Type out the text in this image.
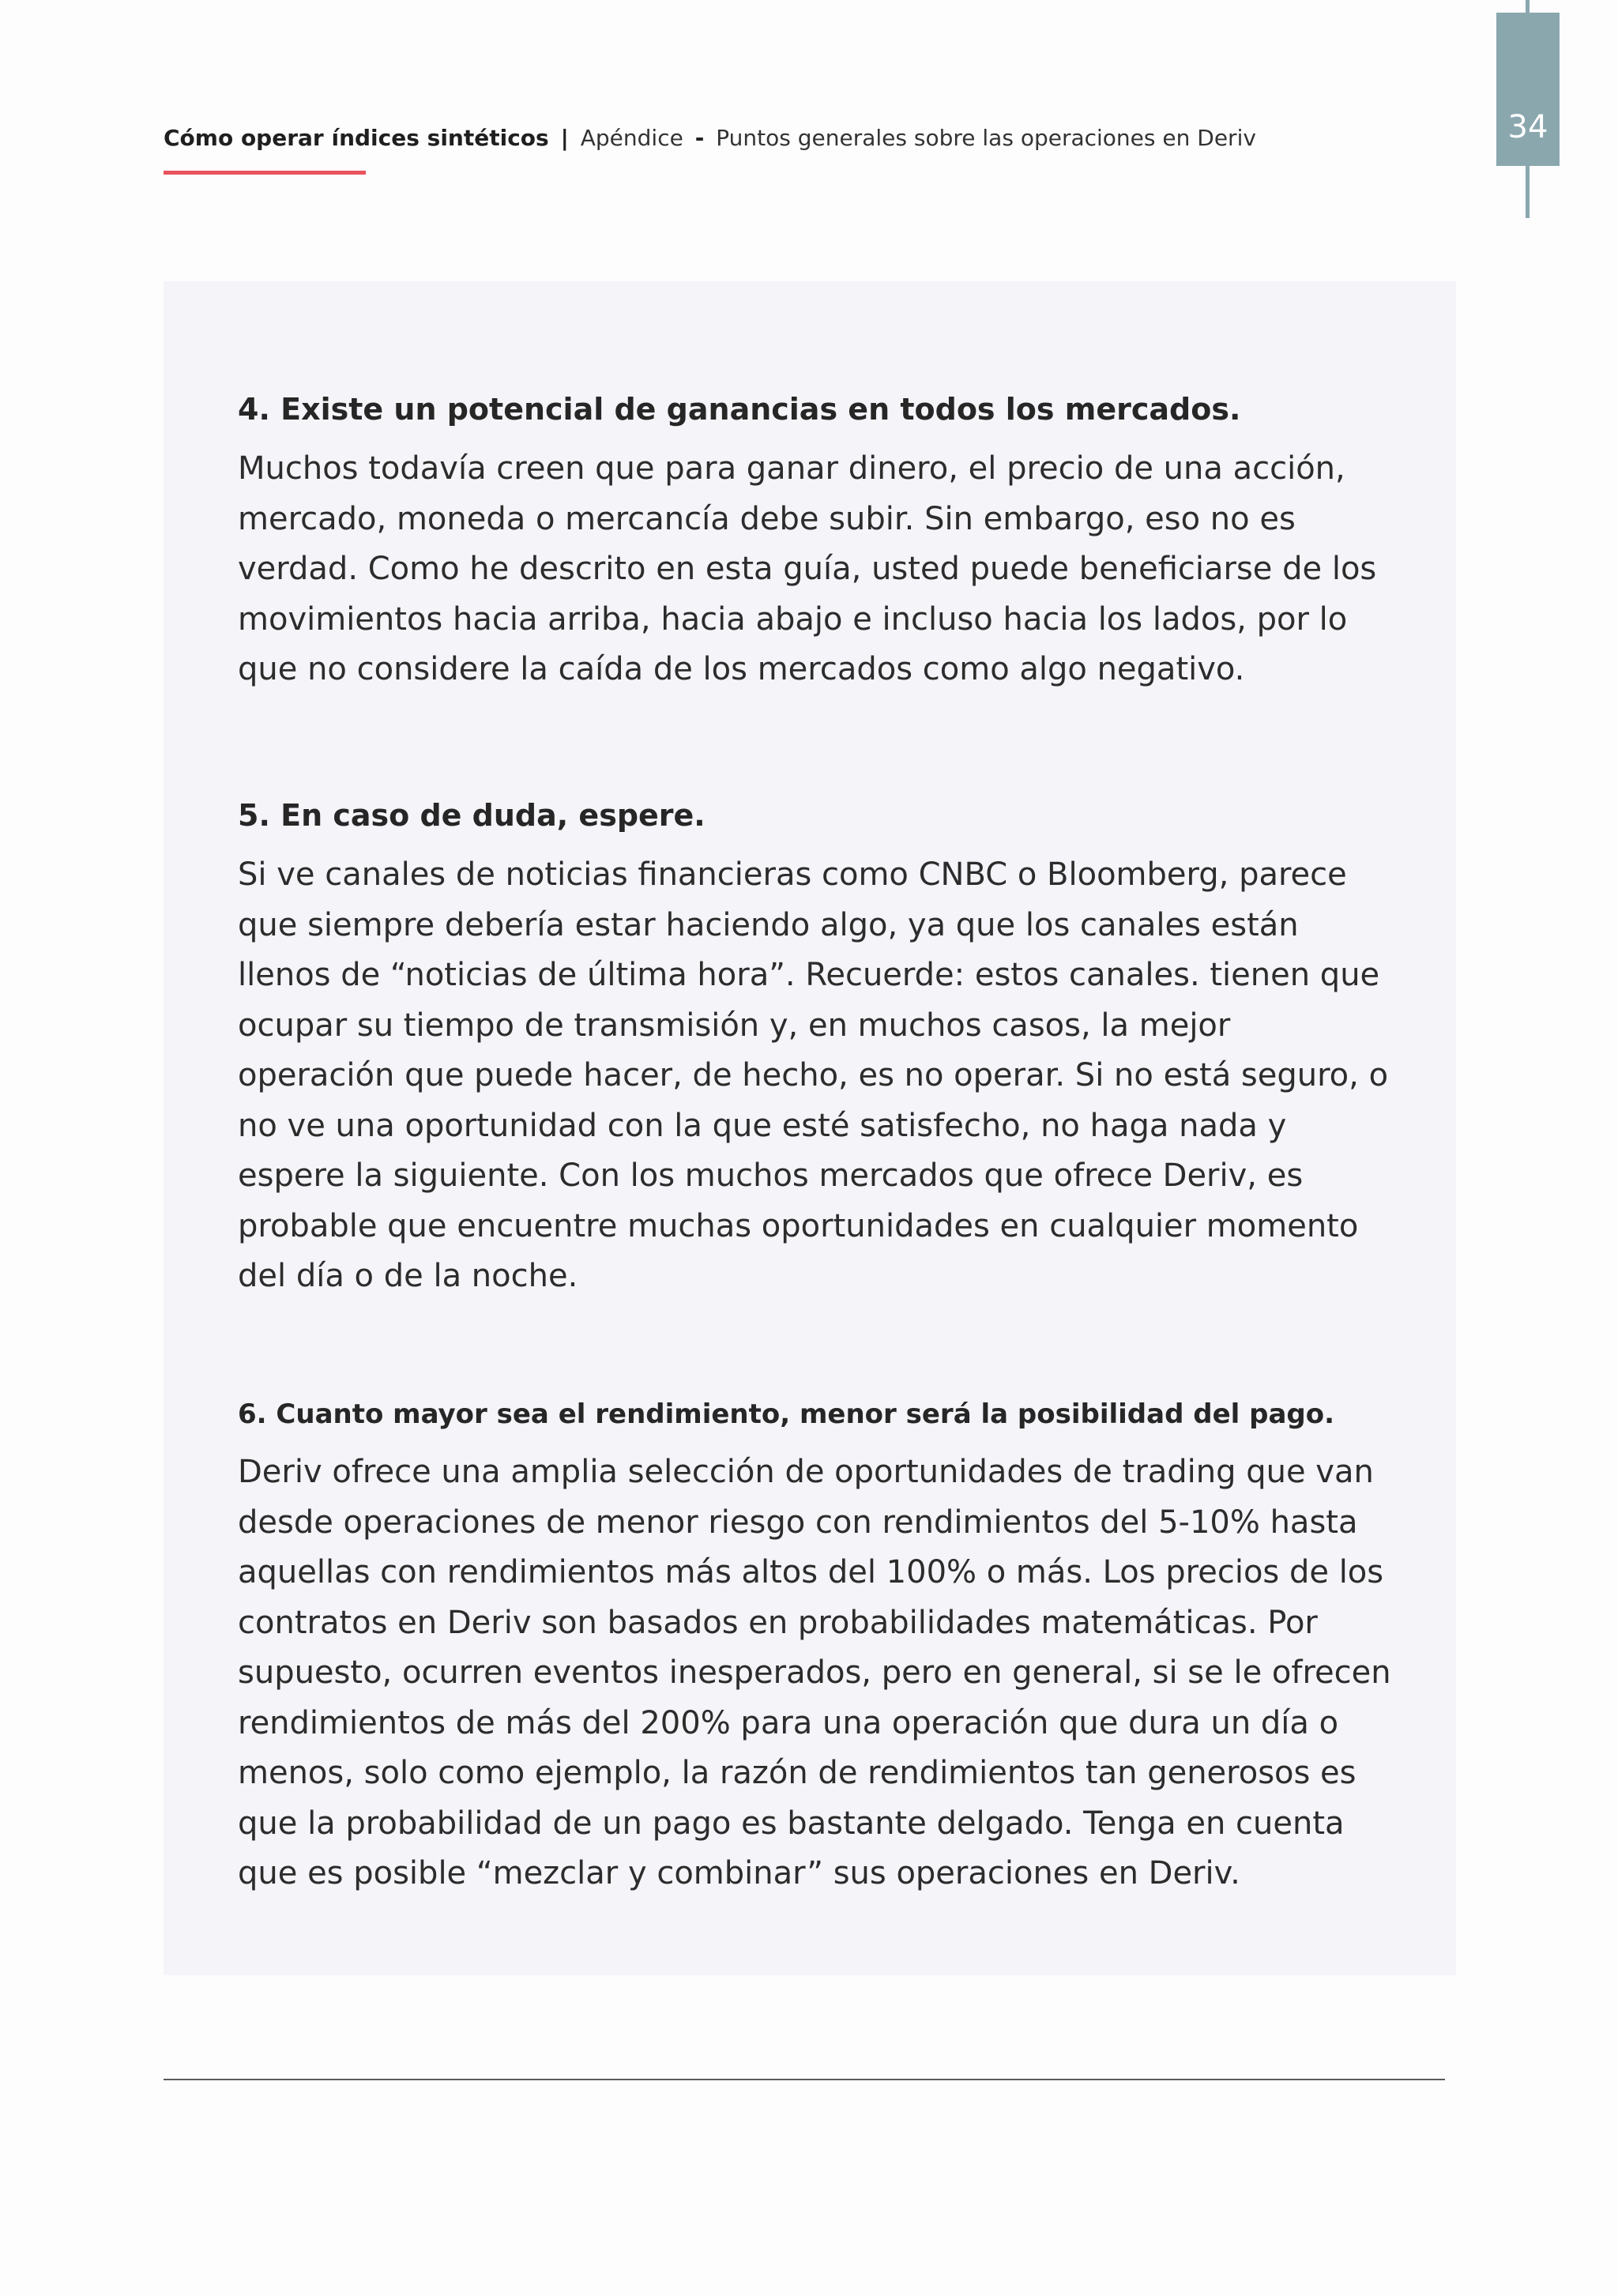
Cómo operar índices sintéticos | Apéndice - Puntos generales sobre las operaciones en Deriv	34
4. Existe un potencial de ganancias en todos los mercados.

Muchos todavía creen que para ganar dinero, el precio de una acción, mercado, moneda o mercancía debe subir. Sin embargo, eso no es verdad. Como he descrito en esta guía, usted puede beneficiarse de los movimientos hacia arriba, hacia abajo e incluso hacia los lados, por lo que no considere la caída de los mercados como algo negativo.

5. En caso de duda, espere.

Si ve canales de noticias financieras como CNBC o Bloomberg, parece que siempre debería estar haciendo algo, ya que los canales están llenos de “noticias de última hora”. Recuerde: estos canales. tienen que ocupar su tiempo de transmisión y, en muchos casos, la mejor operación que puede hacer, de hecho, es no operar. Si no está seguro, o no ve una oportunidad con la que esté satisfecho, no haga nada y espere la siguiente. Con los muchos mercados que ofrece Deriv, es probable que encuentre muchas oportunidades en cualquier momento del día o de la noche.

6. Cuanto mayor sea el rendimiento, menor será la posibilidad del pago.

Deriv ofrece una amplia selección de oportunidades de trading que van desde operaciones de menor riesgo con rendimientos del 5-10% hasta aquellas con rendimientos más altos del 100% o más. Los precios de los contratos en Deriv son basados en probabilidades matemáticas. Por supuesto, ocurren eventos inesperados, pero en general, si se le ofrecen rendimientos de más del 200% para una operación que dura un día o menos, solo como ejemplo, la razón de rendimientos tan generosos es que la probabilidad de un pago es bastante delgado. Tenga en cuenta que es posible “mezclar y combinar” sus operaciones en Deriv.
